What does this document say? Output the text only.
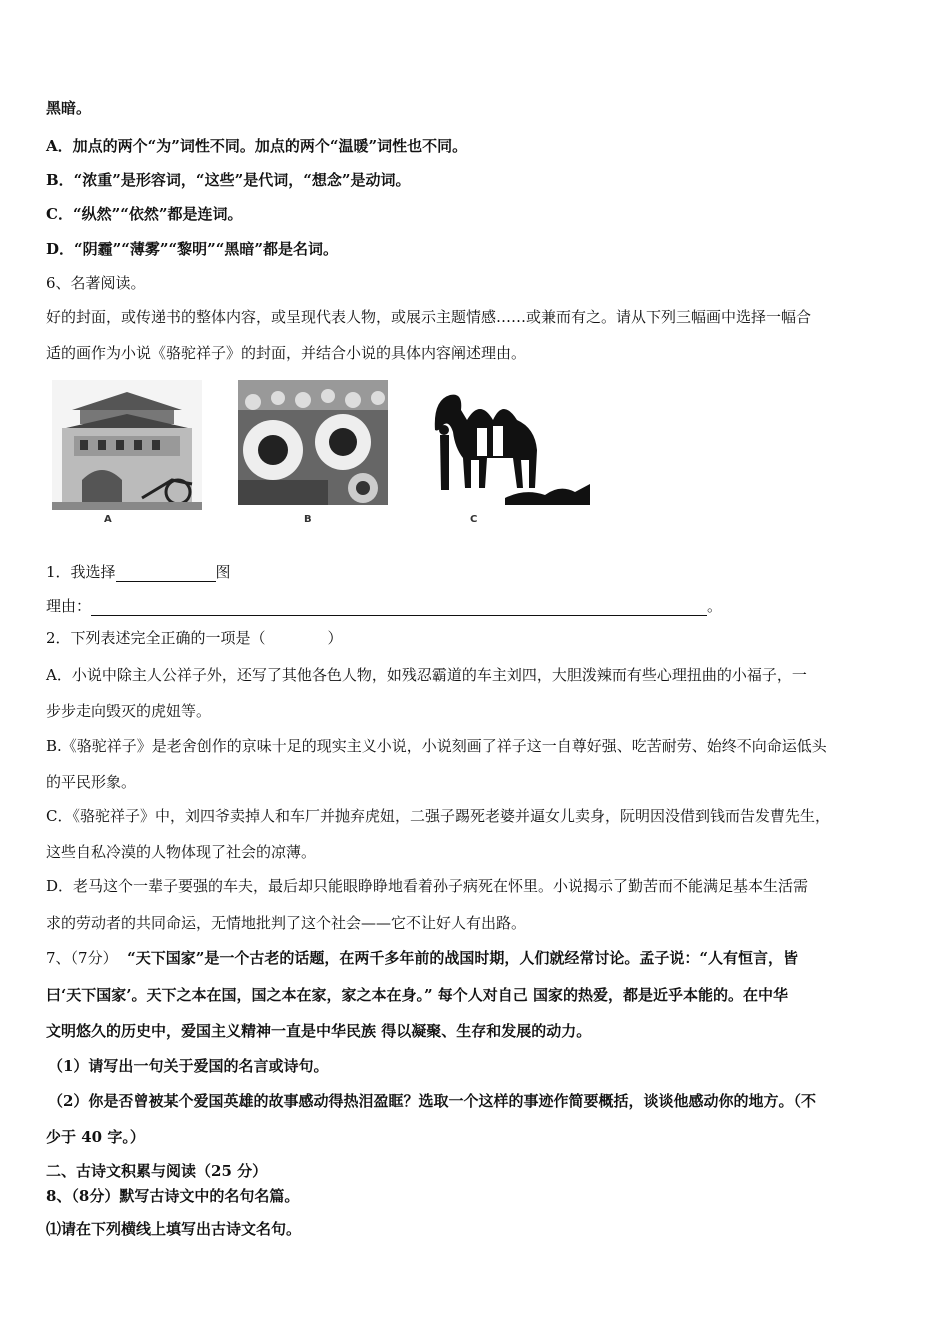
黑暗。
A．加点的两个“为”词性不同。加点的两个“温暖”词性也不同。
B．“浓重”是形容词，“这些”是代词，“想念”是动词。
C．“纵然”“依然”都是连词。
D．“阴霾”“薄雾”“黎明”“黑暗”都是名词。
6、名著阅读。
好的封面，或传递书的整体内容，或呈现代表人物，或展示主题情感……或兼而有之。请从下列三幅画中选择一幅合
适的画作为小说《骆驼祥子》的封面，并结合小说的具体内容阐述理由。
A	B	C
1．我选择	图
理由：	。
2．下列表述完全正确的一项是（	）
A．小说中除主人公祥子外，还写了其他各色人物，如残忍霸道的车主刘四，大胆泼辣而有些心理扭曲的小福子，一
步步走向毁灭的虎妞等。
B.《骆驼祥子》是老舍创作的京味十足的现实主义小说，小说刻画了祥子这一自尊好强、吃苦耐劳、始终不向命运低头
的平民形象。
C．《骆驼祥子》中，刘四爷卖掉人和车厂并抛弃虎妞，二强子踢死老婆并逼女儿卖身，阮明因没借到钱而告发曹先生，
这些自私冷漠的人物体现了社会的凉薄。
D．老马这个一辈子要强的车夫，最后却只能眼睁睁地看着孙子病死在怀里。小说揭示了勤苦而不能满足基本生活需
求的劳动者的共同命运，无情地批判了这个社会——它不让好人有出路。
7、（7分） “天下国家”是一个古老的话题，在两千多年前的战国时期，人们就经常讨论。孟子说：“人有恒言，皆
曰‘天下国家’。天下之本在国，国之本在家，家之本在身。” 每个人对自己 国家的热爱，都是近乎本能的。在中华
文明悠久的历史中，爱国主义精神一直是中华民族 得以凝聚、生存和发展的动力。
（1）请写出一句关于爱国的名言或诗句。
（2）你是否曾被某个爱国英雄的故事感动得热泪盈眶？选取一个这样的事迹作简要概括，谈谈他感动你的地方。（不
少于 40 字。）
二、古诗文积累与阅读（25 分）
8、（8分）默写古诗文中的名句名篇。
⑴请在下列横线上填写出古诗文名句。
